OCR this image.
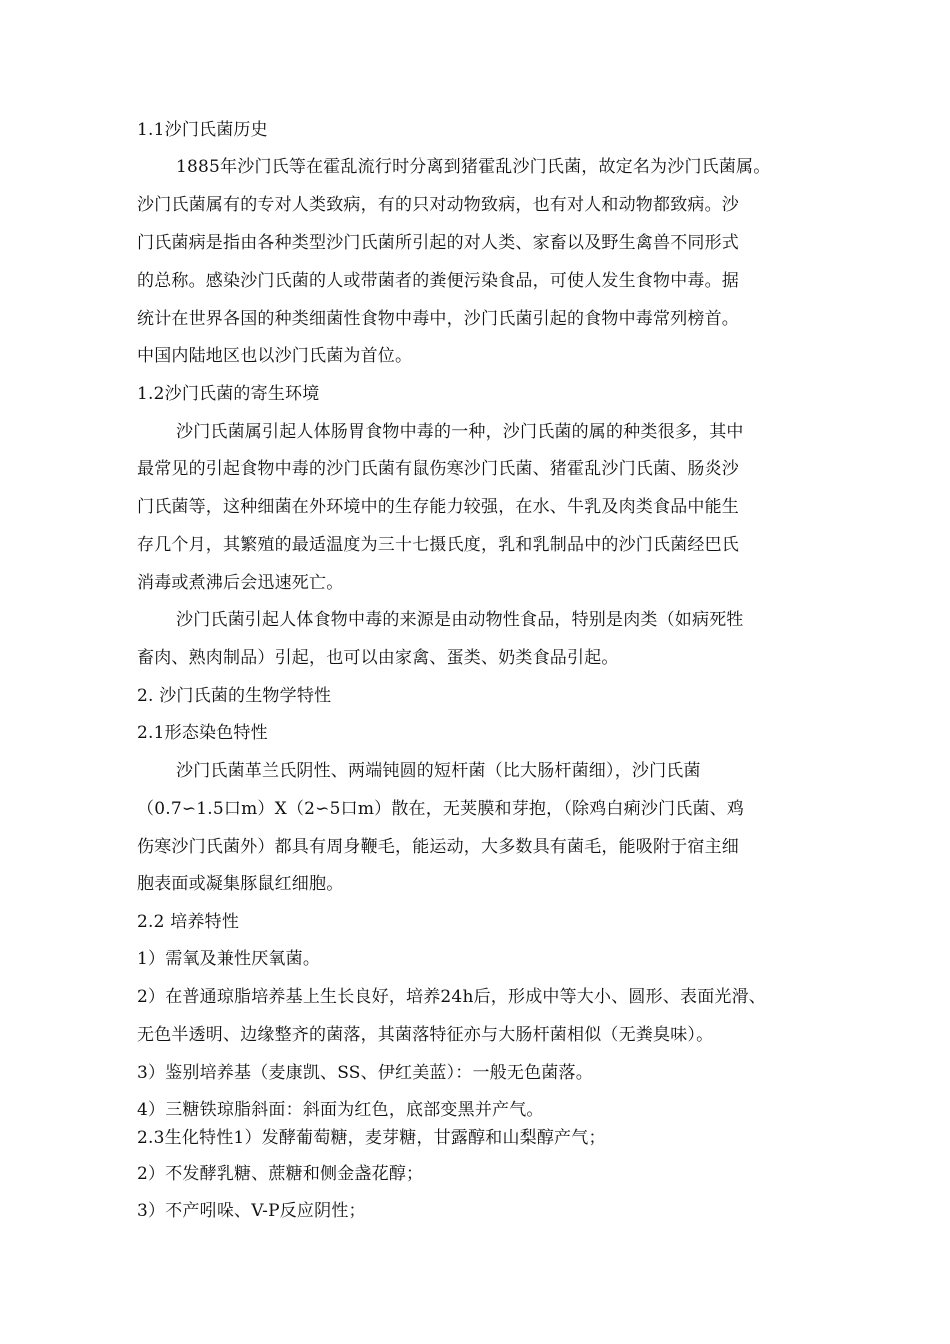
1.1沙门氏菌历史
1885年沙门氏等在霍乱流行时分离到猪霍乱沙门氏菌，故定名为沙门氏菌属。
沙门氏菌属有的专对人类致病，有的只对动物致病，也有对人和动物都致病。沙
门氏菌病是指由各种类型沙门氏菌所引起的对人类、家畜以及野生禽兽不同形式
的总称。感染沙门氏菌的人或带菌者的粪便污染食品，可使人发生食物中毒。据
统计在世界各国的种类细菌性食物中毒中，沙门氏菌引起的食物中毒常列榜首。
中国内陆地区也以沙门氏菌为首位。
1.2沙门氏菌的寄生环境
沙门氏菌属引起人体肠胃食物中毒的一种，沙门氏菌的属的种类很多，其中
最常见的引起食物中毒的沙门氏菌有鼠伤寒沙门氏菌、猪霍乱沙门氏菌、肠炎沙
门氏菌等，这种细菌在外环境中的生存能力较强，在水、牛乳及肉类食品中能生
存几个月，其繁殖的最适温度为三十七摄氏度，乳和乳制品中的沙门氏菌经巴氏
消毒或煮沸后会迅速死亡。
沙门氏菌引起人体食物中毒的来源是由动物性食品，特别是肉类（如病死牲
畜肉、熟肉制品）引起，也可以由家禽、蛋类、奶类食品引起。
2. 沙门氏菌的生物学特性
2.1形态染色特性
沙门氏菌革兰氏阴性、两端钝圆的短杆菌（比大肠杆菌细），沙门氏菌
（0.7∽1.5口m）X（2∽5口m）散在，无荚膜和芽抱，（除鸡白痢沙门氏菌、鸡
伤寒沙门氏菌外）都具有周身鞭毛，能运动，大多数具有菌毛，能吸附于宿主细
胞表面或凝集豚鼠红细胞。
2.2 培养特性
1）需氧及兼性厌氧菌。
2）在普通琼脂培养基上生长良好，培养24h后，形成中等大小、圆形、表面光滑、
无色半透明、边缘整齐的菌落，其菌落特征亦与大肠杆菌相似（无粪臭味）。
3）鉴别培养基（麦康凯、SS、伊红美蓝）：一般无色菌落。
4）三糖铁琼脂斜面：斜面为红色，底部变黑并产气。
2.3生化特性1）发酵葡萄糖，麦芽糖，甘露醇和山梨醇产气；
2）不发酵乳糖、蔗糖和侧金盏花醇；
3）不产吲哚、V-P反应阴性；
